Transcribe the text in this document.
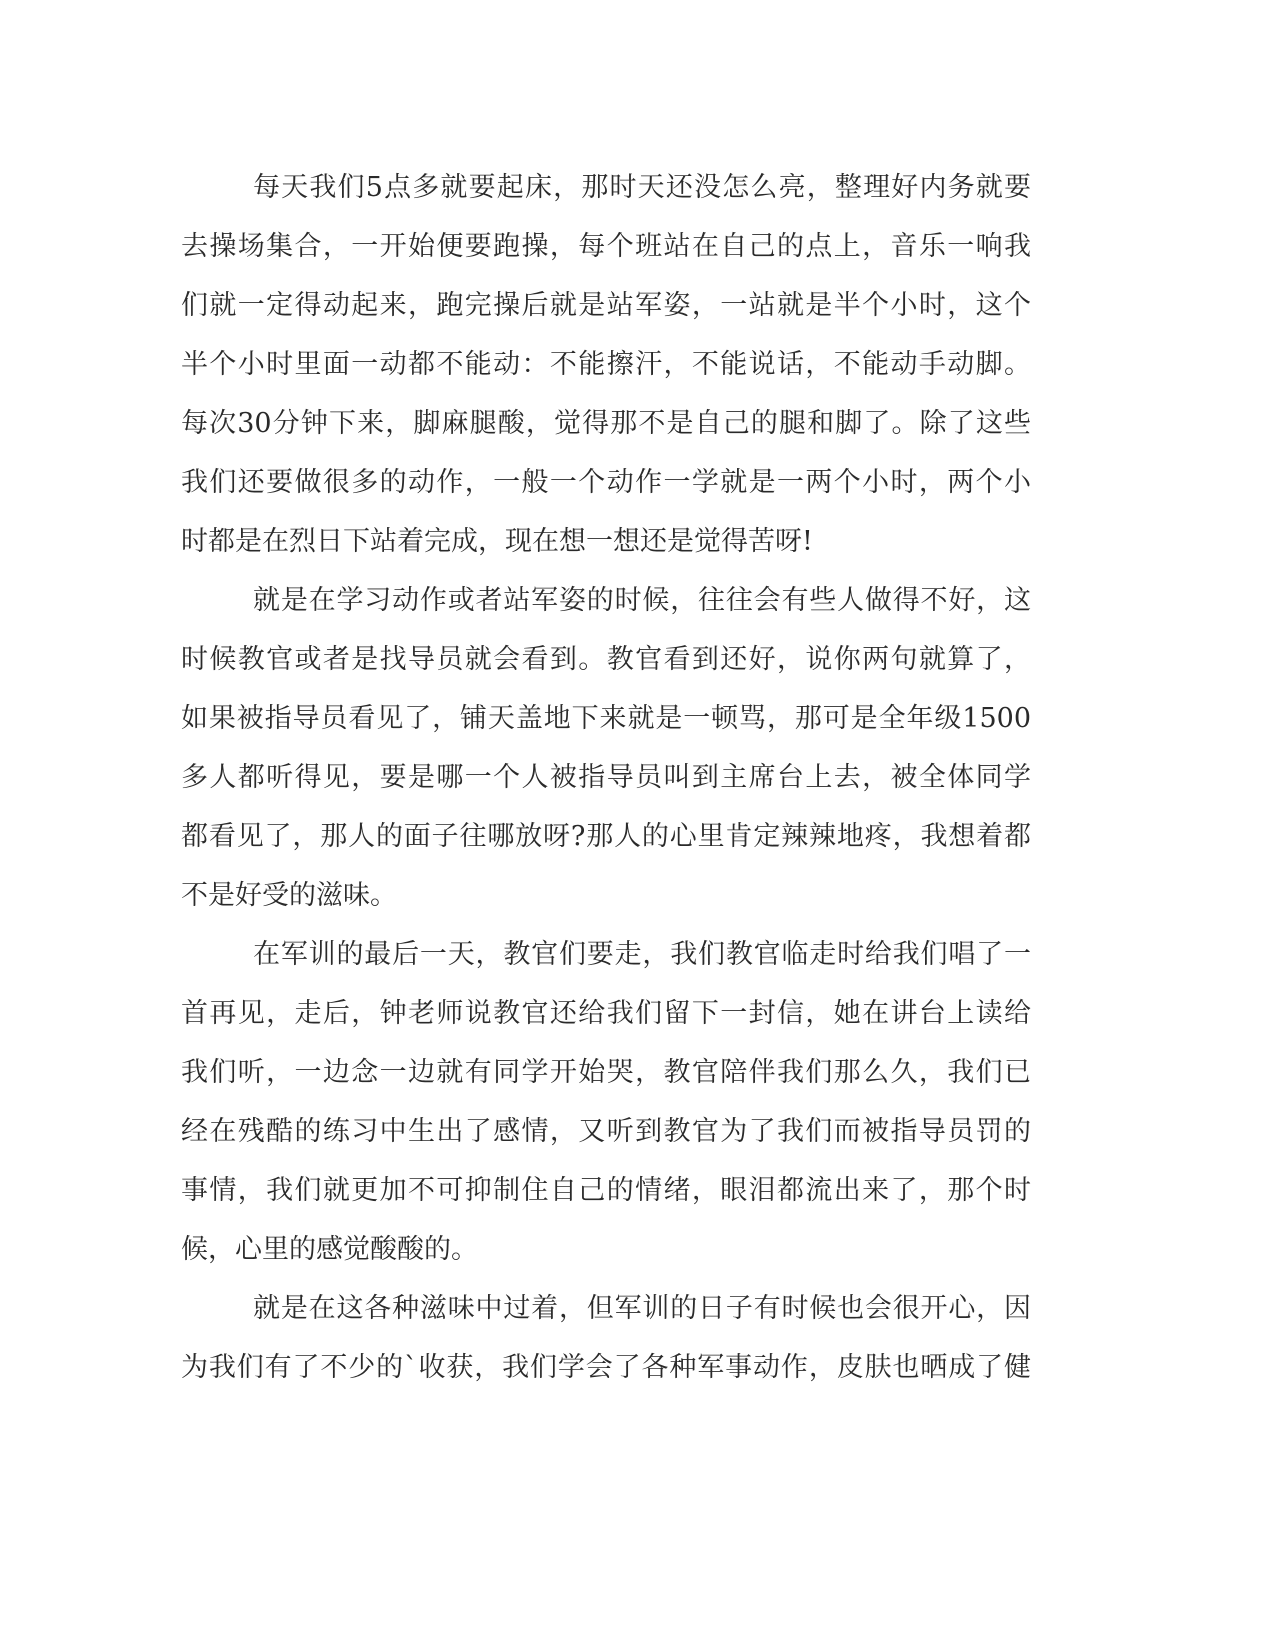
每天我们5点多就要起床，那时天还没怎么亮，整理好内务就要
去操场集合，一开始便要跑操，每个班站在自己的点上，音乐一响我
们就一定得动起来，跑完操后就是站军姿，一站就是半个小时，这个
半个小时里面一动都不能动：不能擦汗，不能说话，不能动手动脚。
每次30分钟下来，脚麻腿酸，觉得那不是自己的腿和脚了。除了这些
我们还要做很多的动作，一般一个动作一学就是一两个小时，两个小
时都是在烈日下站着完成，现在想一想还是觉得苦呀!
就是在学习动作或者站军姿的时候，往往会有些人做得不好，这
时候教官或者是找导员就会看到。教官看到还好，说你两句就算了，
如果被指导员看见了，铺天盖地下来就是一顿骂，那可是全年级1500
多人都听得见，要是哪一个人被指导员叫到主席台上去，被全体同学
都看见了，那人的面子往哪放呀?那人的心里肯定辣辣地疼，我想着都
不是好受的滋味。
在军训的最后一天，教官们要走，我们教官临走时给我们唱了一
首再见，走后，钟老师说教官还给我们留下一封信，她在讲台上读给
我们听，一边念一边就有同学开始哭，教官陪伴我们那么久，我们已
经在残酷的练习中生出了感情，又听到教官为了我们而被指导员罚的
事情，我们就更加不可抑制住自己的情绪，眼泪都流出来了，那个时
候，心里的感觉酸酸的。
就是在这各种滋味中过着，但军训的日子有时候也会很开心，因
为我们有了不少的`收获，我们学会了各种军事动作，皮肤也晒成了健
